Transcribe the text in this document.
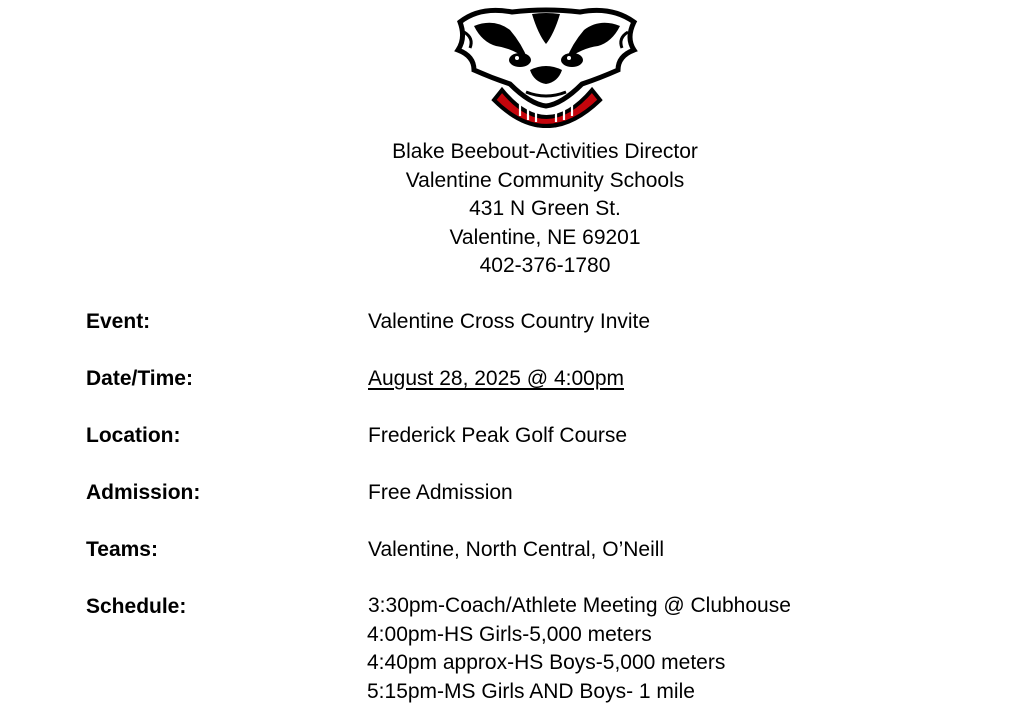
Blake Beebout-Activities Director
Valentine Community Schools
431 N Green St.
Valentine, NE 69201
402-376-1780
Event:	Valentine Cross Country Invite
Date/Time:	August 28, 2025 @ 4:00pm
Location:	Frederick Peak Golf Course
Admission:	Free Admission
Teams:	Valentine, North Central, O’Neill
Schedule:	3:30pm-Coach/Athlete Meeting @ Clubhouse
4:00pm-HS Girls-5,000 meters
4:40pm approx-HS Boys-5,000 meters
5:15pm-MS Girls AND Boys- 1 mile
